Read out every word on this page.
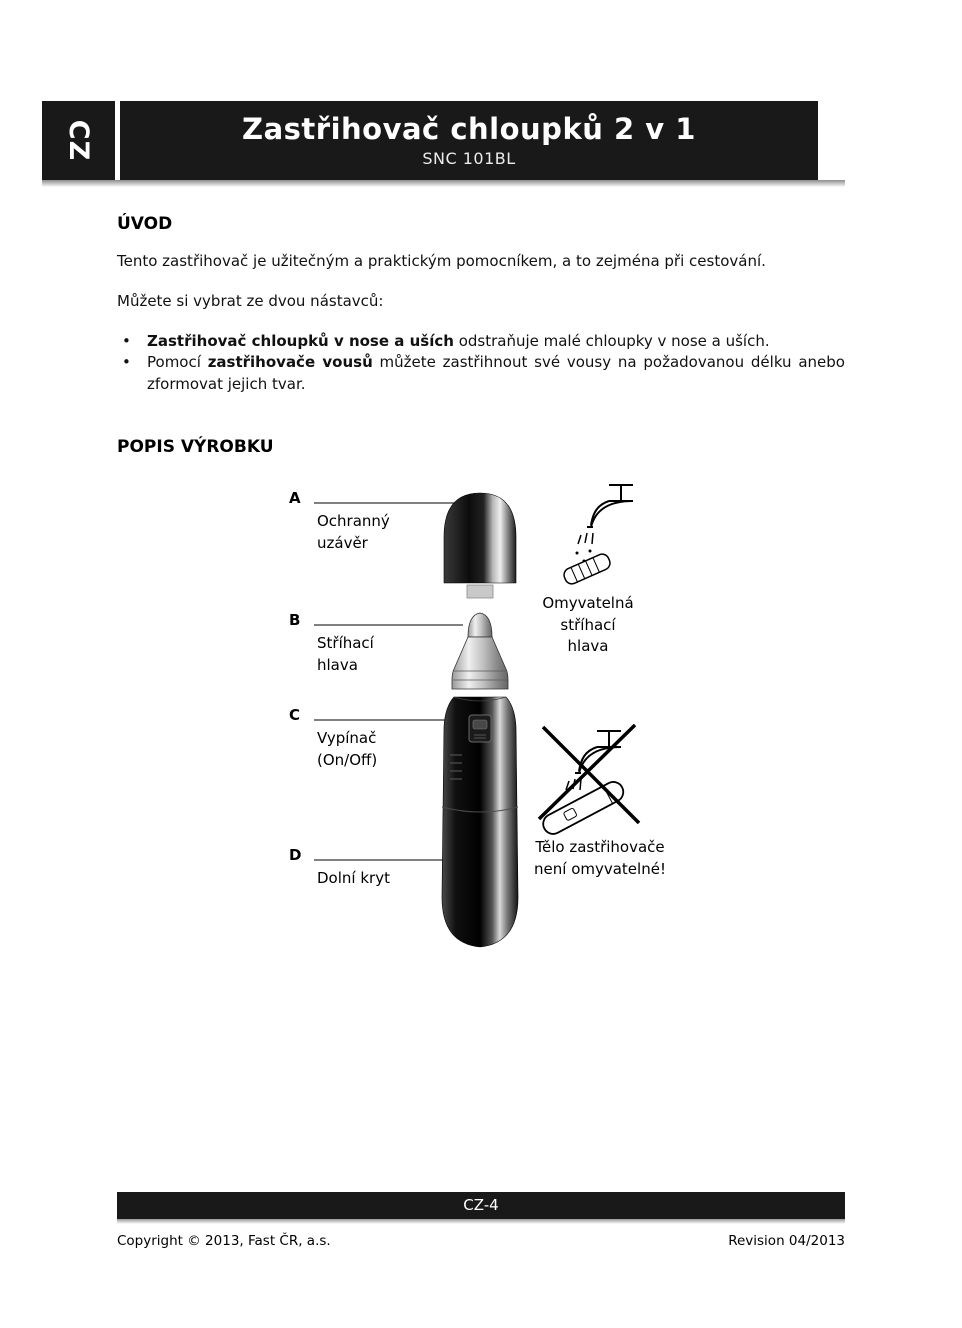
CZ	Zastřihovač chloupků 2 v 1
SNC 101BL
ÚVOD
Tento zastřihovač je užitečným a praktickým pomocníkem, a to zejména při cestování.
Můžete si vybrat ze dvou nástavců:
•	Zastřihovač chloupků v nose a uších odstraňuje malé chloupky v nose a uších.
•	Pomocí zastřihovače vousů můžete zastřihnout své vousy na požadovanou délku anebo zformovat jejich tvar.
POPIS VÝROBKU
A
Ochranný uzávěr
B
Stříhací hlava
C
Vypínač (On/Off)
D
Dolní kryt
Omyvatelná stříhací hlava
Tělo zastřihovače není omyvatelné!
CZ-4
Copyright © 2013, Fast ČR, a.s.	Revision 04/2013
